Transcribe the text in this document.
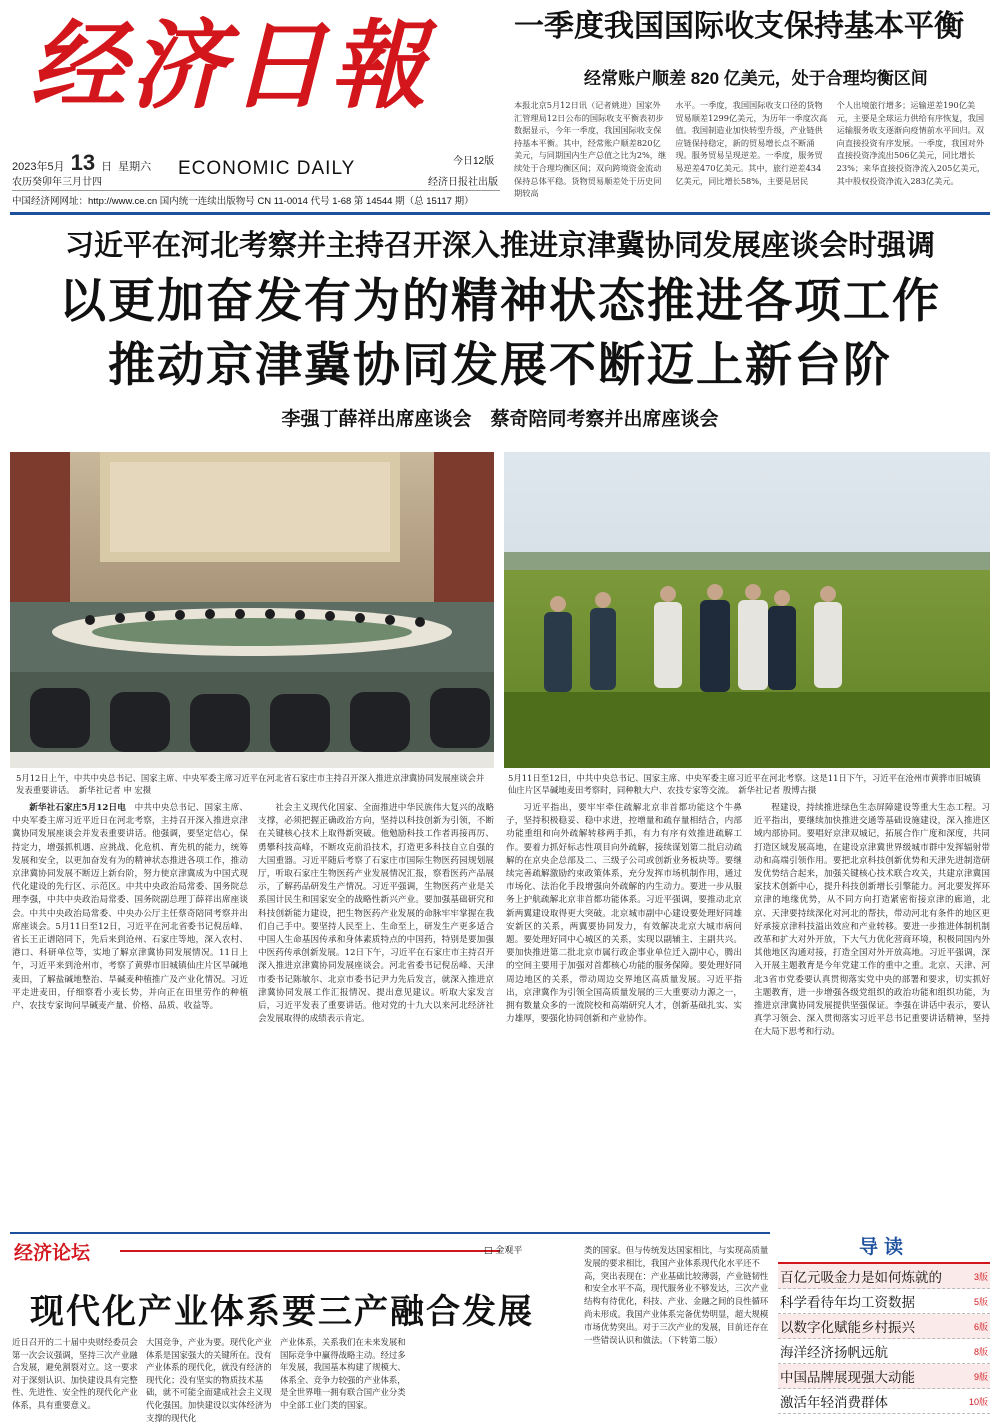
经济日報
2023年5月 13 日 星期六
农历癸卯年三月廿四
ECONOMIC DAILY	今日12版
经济日报社出版
中国经济网网址：http://www.ce.cn 国内统一连续出版物号 CN 11-0014 代号 1-68 第 14544 期（总 15117 期）
一季度我国国际收支保持基本平衡
经常账户顺差 820 亿美元，处于合理均衡区间
本报北京5月12日讯（记者姚进）国家外汇管理局12日公布的国际收支平衡表初步数据显示，今年一季度，我国国际收支保持基本平衡。其中，经常账户顺差820亿美元，与同期国内生产总值之比为2%，继续处于合理均衡区间；双向跨境资金流动保持总体平稳。货物贸易顺差处于历史同期较高
水平。一季度，我国国际收支口径的货物贸易顺差1299亿美元，为历年一季度次高值。我国制造业加快转型升级，产业链供应链保持稳定，新的贸易增长点不断涌现。服务贸易呈现逆差。一季度，服务贸易逆差470亿美元。其中，旅行逆差434亿美元，同比增长58%，主要是居民
个人出境旅行增多；运输逆差190亿美元，主要是全球运力供给有序恢复，我国运输服务收支逐渐向疫情前水平回归。双向直接投资有序发展。一季度，我国对外直接投资净流出506亿美元，同比增长23%；来华直接投资净流入205亿美元，其中股权投资净流入283亿美元。
习近平在河北考察并主持召开深入推进京津冀协同发展座谈会时强调
以更加奋发有为的精神状态推进各项工作
推动京津冀协同发展不断迈上新台阶
李强丁薛祥出席座谈会　蔡奇陪同考察并出席座谈会
5月12日上午，中共中央总书记、国家主席、中央军委主席习近平在河北省石家庄市主持召开深入推进京津冀协同发展座谈会并发表重要讲话。　新华社记者 申 宏摄
5月11日至12日，中共中央总书记、国家主席、中央军委主席习近平在河北考察。这是11日下午，习近平在沧州市黄骅市旧城镇仙庄片区旱碱地麦田考察时，同种粮大户、农技专家等交流。　新华社记者 殷博古摄

新华社石家庄5月12日电　 中共中央总书记、国家主席、中央军委主席习近平近日在河北考察，主持召开深入推进京津冀协同发展座谈会并发表重要讲话。他强调，要坚定信心，保持定力，增强抓机遇、应挑战、化危机、育先机的能力，统筹发展和安全，以更加奋发有为的精神状态推进各项工作，推动京津冀协同发展不断迈上新台阶，努力使京津冀成为中国式现代化建设的先行区、示范区。中共中央政治局常委、国务院总理李强，中共中央政治局常委、国务院副总理丁薛祥出席座谈会。中共中央政治局常委、中央办公厅主任蔡奇陪同考察并出席座谈会。5月11日至12日，习近平在河北省委书记倪岳峰、省长王正谱陪同下，先后来到沧州、石家庄等地，深入农村、港口、科研单位等，实地了解京津冀协同发展情况。11日上午，习近平来到沧州市，考察了黄骅市旧城镇仙庄片区旱碱地麦田，了解盐碱地整治、旱碱麦种植推广及产业化情况。习近平走进麦田，仔细察看小麦长势，并向正在田里劳作的种植户、农技专家询问旱碱麦产量、价格、品质、收益等。

社会主义现代化国家、全面推进中华民族伟大复兴的战略支撑，必须把握正确政治方向，坚持以科技创新为引领，不断在关键核心技术上取得新突破。他勉励科技工作者再接再厉、勇攀科技高峰，不断攻克前沿技术，打造更多科技自立自强的大国重器。习近平随后考察了石家庄市国际生物医药园规划展厅，听取石家庄生物医药产业发展情况汇报，察看医药产品展示，了解药品研发生产情况。习近平强调，生物医药产业是关系国计民生和国家安全的战略性新兴产业。要加强基础研究和科技创新能力建设，把生物医药产业发展的命脉牢牢掌握在我们自己手中。要坚持人民至上、生命至上，研发生产更多适合中国人生命基因传承和身体素质特点的中国药，特别是要加强中医药传承创新发展。12日下午，习近平在石家庄市主持召开深入推进京津冀协同发展座谈会。河北省委书记倪岳峰、天津市委书记陈敏尔、北京市委书记尹力先后发言，就深入推进京津冀协同发展工作汇报情况、提出意见建议。听取大家发言后，习近平发表了重要讲话。他对党的十九大以来河北经济社会发展取得的成绩表示肯定。

习近平指出，要牢牢牵住疏解北京非首都功能这个牛鼻子，坚持积极稳妥、稳中求进，控增量和疏存量相结合，内部功能重组和向外疏解转移两手抓，有力有序有效推进疏解工作。要着力抓好标志性项目向外疏解，接续谋划第二批启动疏解的在京央企总部及二、三级子公司或创新业务板块等。要继续完善疏解激励约束政策体系，充分发挥市场机制作用，通过市场化、法治化手段增强向外疏解的内生动力。要进一步从服务上护航疏解北京非首都功能体系。习近平强调，要推动北京新两翼建设取得更大突破。北京城市副中心建设要处理好同雄安新区的关系，两翼要协同发力，有效解决北京大城市病问题。要处理好同中心城区的关系，实现以副辅主、主副共兴。要加快推进第二批北京市属行政企事业单位迁入副中心，腾出的空间主要用于加强对首都核心功能的服务保障。要处理好同周边地区的关系，带动周边交界地区高质量发展。习近平指出，京津冀作为引领全国高质量发展的三大重要动力源之一，拥有数量众多的一流院校和高端研究人才，创新基础扎实、实力雄厚，要强化协同创新和产业协作。

程建设，持续推进绿色生态屏障建设等重大生态工程。习近平指出，要继续加快推进交通等基础设施建设，深入推进区域内部协同。要唱好京津双城记，拓展合作广度和深度，共同打造区域发展高地，在建设京津冀世界级城市群中发挥辐射带动和高端引领作用。要把北京科技创新优势和天津先进制造研发优势结合起来，加强关键核心技术联合攻关，共建京津冀国家技术创新中心，提升科技创新增长引擎能力。河北要发挥环京津的地缘优势，从不同方向打造紧密衔接京津的廊道，北京、天津要持续深化对河北的帮扶，带动河北有条件的地区更好承接京津科技溢出效应和产业转移。要进一步推进体制机制改革和扩大对外开放，下大气力优化营商环境，积极同国内外其他地区沟通对接，打造全国对外开放高地。习近平强调，深入开展主题教育是今年党建工作的重中之重。北京、天津、河北3省市党委要认真贯彻落实党中央的部署和要求，切实抓好主题教育，进一步增强各级党组织的政治功能和组织功能，为推进京津冀协同发展提供坚强保证。李强在讲话中表示，要认真学习领会、深入贯彻落实习近平总书记重要讲话精神，坚持在大局下思考和行动。

经济论坛	□ 金观平
现代化产业体系要三产融合发展
近日召开的二十届中央财经委员会第一次会议强调，坚持三次产业融合发展，避免割裂对立。这一要求对于深刻认识、加快建设具有完整性、先进性、安全性的现代化产业体系，具有重要意义。
大国竞争，产业为要。现代化产业体系是国家强大的关键所在。没有产业体系的现代化，就没有经济的现代化；没有坚实的物质技术基础，就不可能全面建成社会主义现代化强国。加快建设以实体经济为支撑的现代化
产业体系，关系我们在未来发展和国际竞争中赢得战略主动。经过多年发展，我国基本构建了规模大、体系全、竞争力较强的产业体系，是全世界唯一拥有联合国产业分类中全部工业门类的国家。
类的国家。但与传统发达国家相比，与实现高质量发展的要求相比，我国产业体系现代化水平还不高，突出表现在：产业基础比较薄弱，产业链韧性和安全水平不高，现代服务业不够发达，三次产业结构有待优化，科技、产业、金融之间的良性循环尚未形成。我国产业体系完备优势明显，超大规模市场优势突出。对于三次产业的发展，目前还存在一些错误认识和做法。（下转第二版）
导读
百亿元吸金力是如何炼就的	3版
科学看待年均工资数据	5版
以数字化赋能乡村振兴	6版
海洋经济扬帆远航	8版
中国品牌展现强大动能	9版
激活年轻消费群体	10版
